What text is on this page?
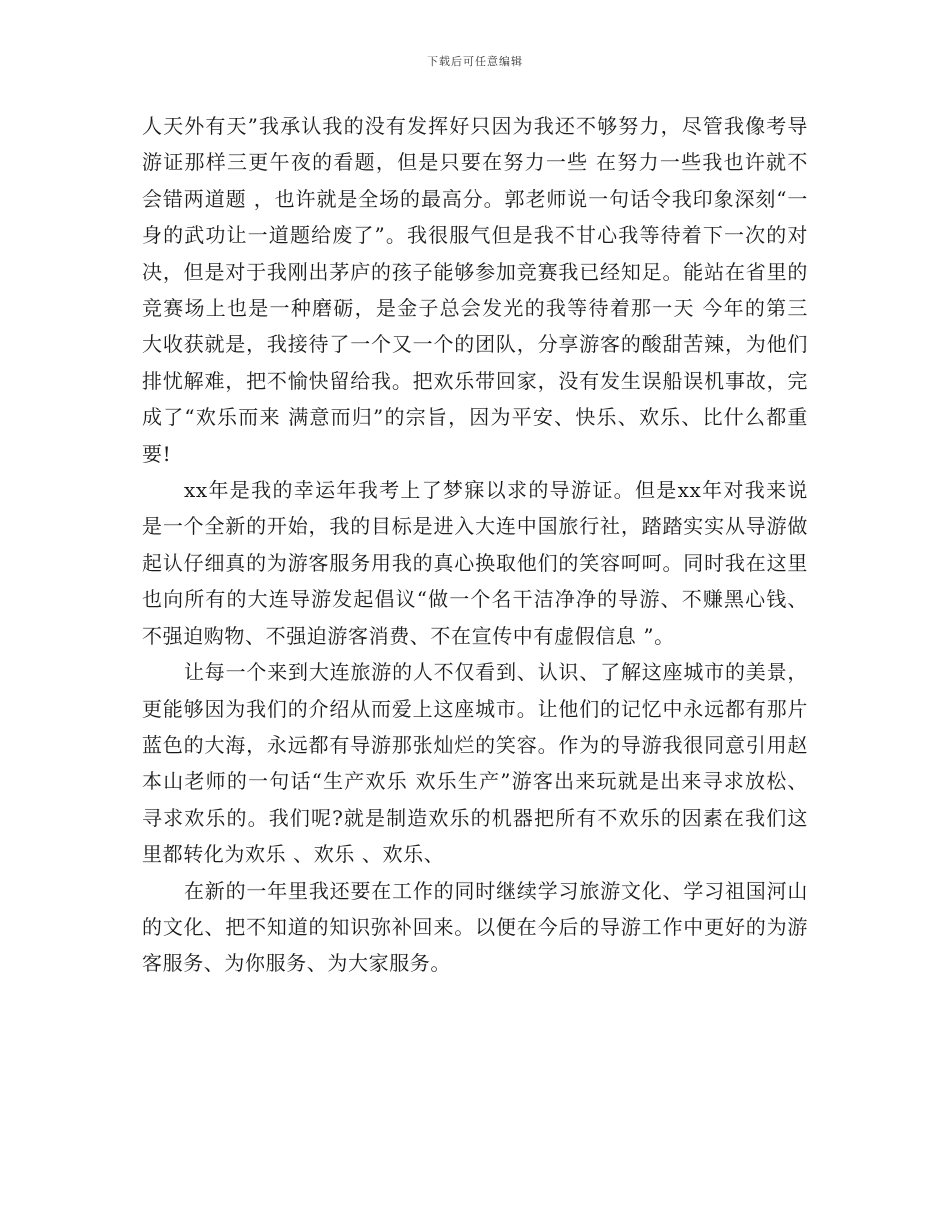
下载后可任意编辑

人天外有天”我承认我的没有发挥好只因为我还不够努力，尽管我像考导游证那样三更午夜的看题，但是只要在努力一些 在努力一些我也许就不会错两道题 ，也许就是全场的最高分。郭老师说一句话令我印象深刻“一身的武功让一道题给废了”。我很服气但是我不甘心我等待着下一次的对决，但是对于我刚出茅庐的孩子能够参加竞赛我已经知足。能站在省里的竞赛场上也是一种磨砺，是金子总会发光的我等待着那一天 今年的第三大收获就是，我接待了一个又一个的团队，分享游客的酸甜苦辣，为他们排忧解难，把不愉快留给我。把欢乐带回家，没有发生误船误机事故，完成了“欢乐而来 满意而归”的宗旨，因为平安、快乐、欢乐、比什么都重要!

xx年是我的幸运年我考上了梦寐以求的导游证。但是xx年对我来说是一个全新的开始，我的目标是进入大连中国旅行社，踏踏实实从导游做起认仔细真的为游客服务用我的真心换取他们的笑容呵呵。同时我在这里也向所有的大连导游发起倡议“做一个名干洁净净的导游、不赚黑心钱、不强迫购物、不强迫游客消费、不在宣传中有虚假信息 ”。

让每一个来到大连旅游的人不仅看到、认识、了解这座城市的美景，更能够因为我们的介绍从而爱上这座城市。让他们的记忆中永远都有那片蓝色的大海，永远都有导游那张灿烂的笑容。作为的导游我很同意引用赵本山老师的一句话“生产欢乐 欢乐生产”游客出来玩就是出来寻求放松、寻求欢乐的。我们呢?就是制造欢乐的机器把所有不欢乐的因素在我们这里都转化为欢乐 、欢乐 、欢乐、

在新的一年里我还要在工作的同时继续学习旅游文化、学习祖国河山的文化、把不知道的知识弥补回来。以便在今后的导游工作中更好的为游客服务、为你服务、为大家服务。
